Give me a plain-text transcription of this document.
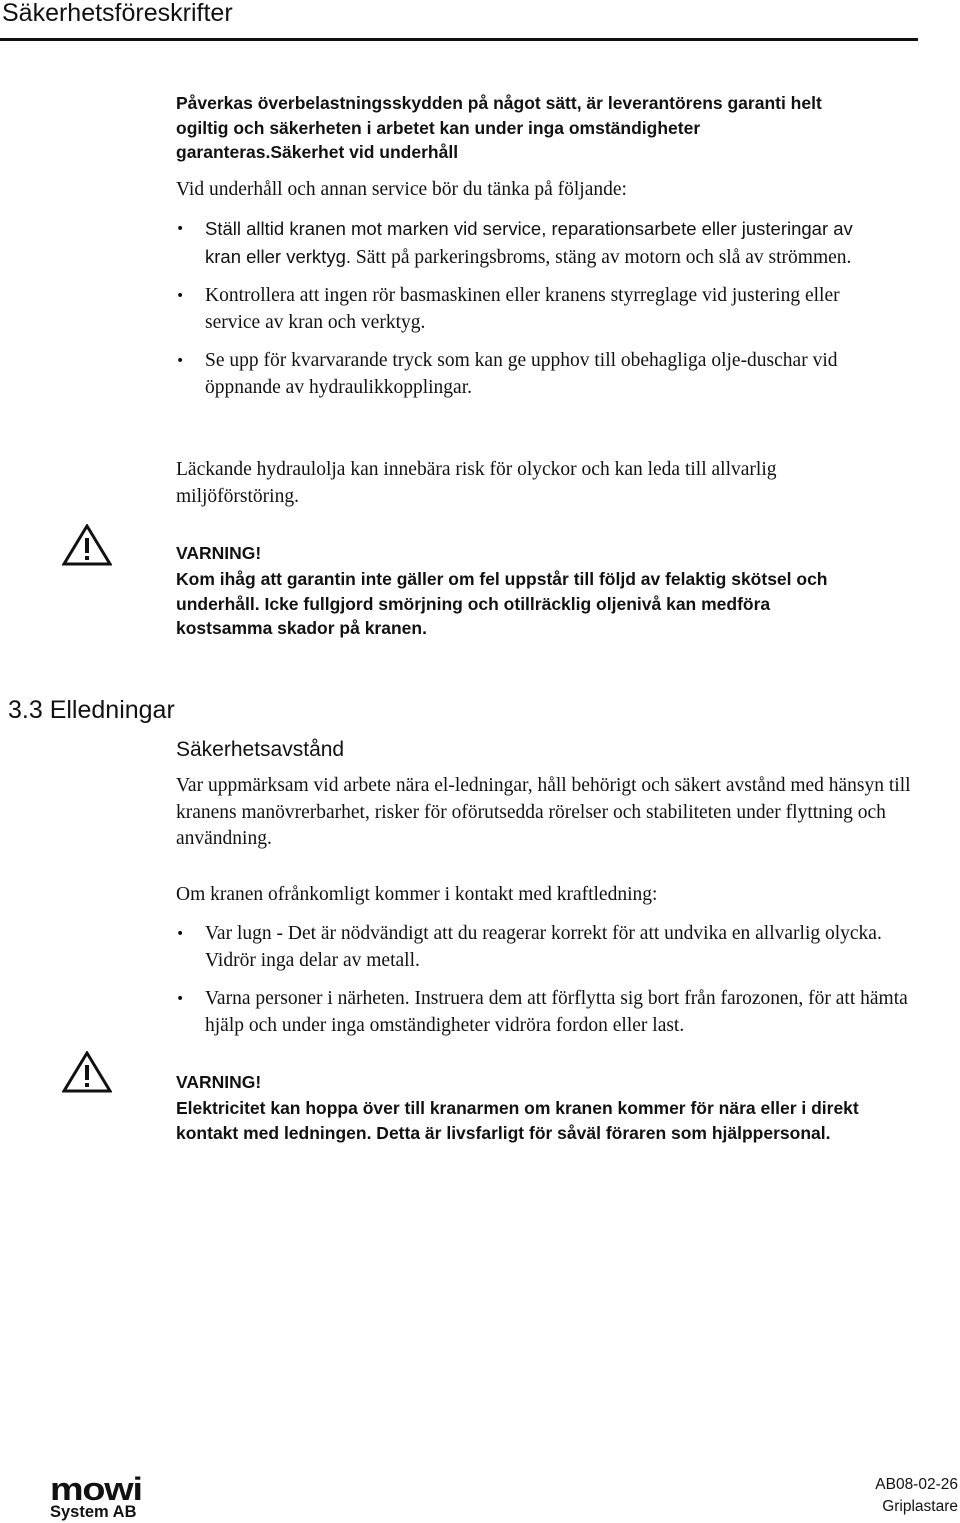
Säkerhetsföreskrifter

Påverkas överbelastningsskydden på något sätt, är leverantörens garanti helt ogiltig och säkerheten i arbetet kan under inga omständigheter garanteras.Säkerhet vid underhåll

Vid underhåll och annan service bör du tänka på följande:

•	Ställ alltid kranen mot marken vid service, reparationsarbete eller justeringar av kran eller verktyg. Sätt på parkeringsbroms, stäng av motorn och slå av strömmen.
•	Kontrollera att ingen rör basmaskinen eller kranens styrreglage vid justering eller service av kran och verktyg.
•	Se upp för kvarvarande tryck som kan ge upphov till obehagliga olje-duschar vid öppnande av hydraulikkopplingar.

Läckande hydraulolja kan innebära risk för olyckor och kan leda till allvarlig miljöförstöring.

VARNING!

Kom ihåg att garantin inte gäller om fel uppstår till följd av felaktig skötsel och underhåll. Icke fullgjord smörjning och otillräcklig oljenivå kan medföra kostsamma skador på kranen.

3.3 Elledningar
Säkerhetsavstånd

Var uppmärksam vid arbete nära el-ledningar, håll behörigt och säkert avstånd med hänsyn till kranens manövrerbarhet, risker för oförutsedda rörelser och stabiliteten under flyttning och användning.

Om kranen ofrånkomligt kommer i kontakt med kraftledning:

•	Var lugn - Det är nödvändigt att du reagerar korrekt för att undvika en allvarlig olycka. Vidrör inga delar av metall.
•	Varna personer i närheten. Instruera dem att förflytta sig bort från farozonen, för att hämta hjälp och under inga omständigheter vidröra fordon eller last.

VARNING!

Elektricitet kan hoppa över till kranarmen om kranen kommer för nära eller i direkt kontakt med ledningen. Detta är livsfarligt för såväl föraren som hjälppersonal.

mowi
System AB
AB08-02-26
Griplastare
